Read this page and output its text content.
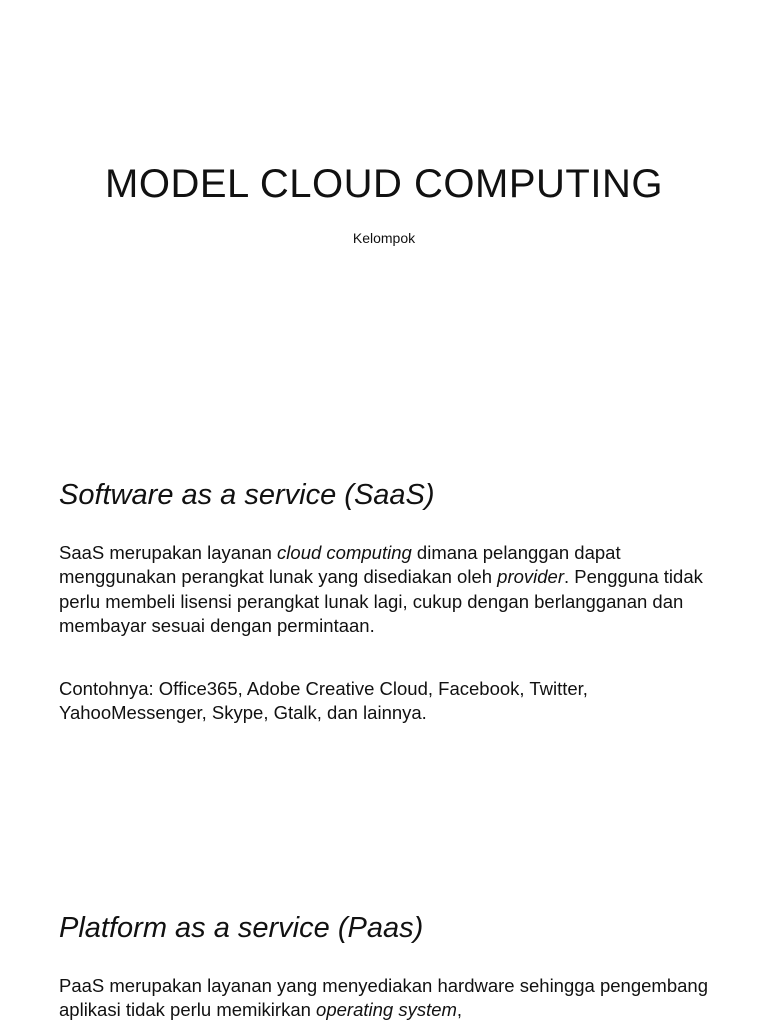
MODEL CLOUD COMPUTING

Kelompok

Software as a service (SaaS)

SaaS merupakan layanan cloud computing dimana pelanggan dapat menggunakan perangkat lunak yang disediakan oleh provider. Pengguna tidak perlu membeli lisensi perangkat lunak lagi, cukup dengan berlangganan dan membayar sesuai dengan permintaan.

Contohnya: Office365, Adobe Creative Cloud, Facebook, Twitter, YahooMessenger, Skype, Gtalk, dan lainnya.

Platform as a service (Paas)

PaaS merupakan layanan yang menyediakan hardware sehingga pengembang aplikasi tidak perlu memikirkan operating system,
